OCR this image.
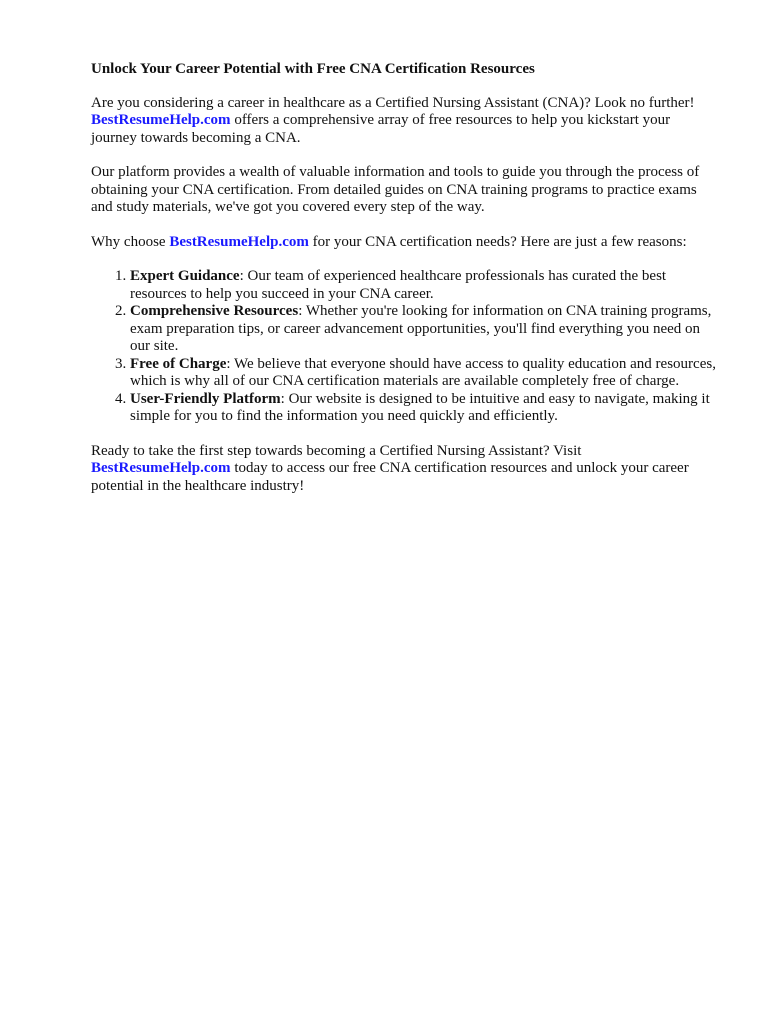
Unlock Your Career Potential with Free CNA Certification Resources

Are you considering a career in healthcare as a Certified Nursing Assistant (CNA)? Look no further! BestResumeHelp.com offers a comprehensive array of free resources to help you kickstart your journey towards becoming a CNA.

Our platform provides a wealth of valuable information and tools to guide you through the process of obtaining your CNA certification. From detailed guides on CNA training programs to practice exams and study materials, we've got you covered every step of the way.

Why choose BestResumeHelp.com for your CNA certification needs? Here are just a few reasons:

1. Expert Guidance: Our team of experienced healthcare professionals has curated the best resources to help you succeed in your CNA career.
2. Comprehensive Resources: Whether you're looking for information on CNA training programs, exam preparation tips, or career advancement opportunities, you'll find everything you need on our site.
3. Free of Charge: We believe that everyone should have access to quality education and resources, which is why all of our CNA certification materials are available completely free of charge.
4. User-Friendly Platform: Our website is designed to be intuitive and easy to navigate, making it simple for you to find the information you need quickly and efficiently.

Ready to take the first step towards becoming a Certified Nursing Assistant? Visit BestResumeHelp.com today to access our free CNA certification resources and unlock your career potential in the healthcare industry!
